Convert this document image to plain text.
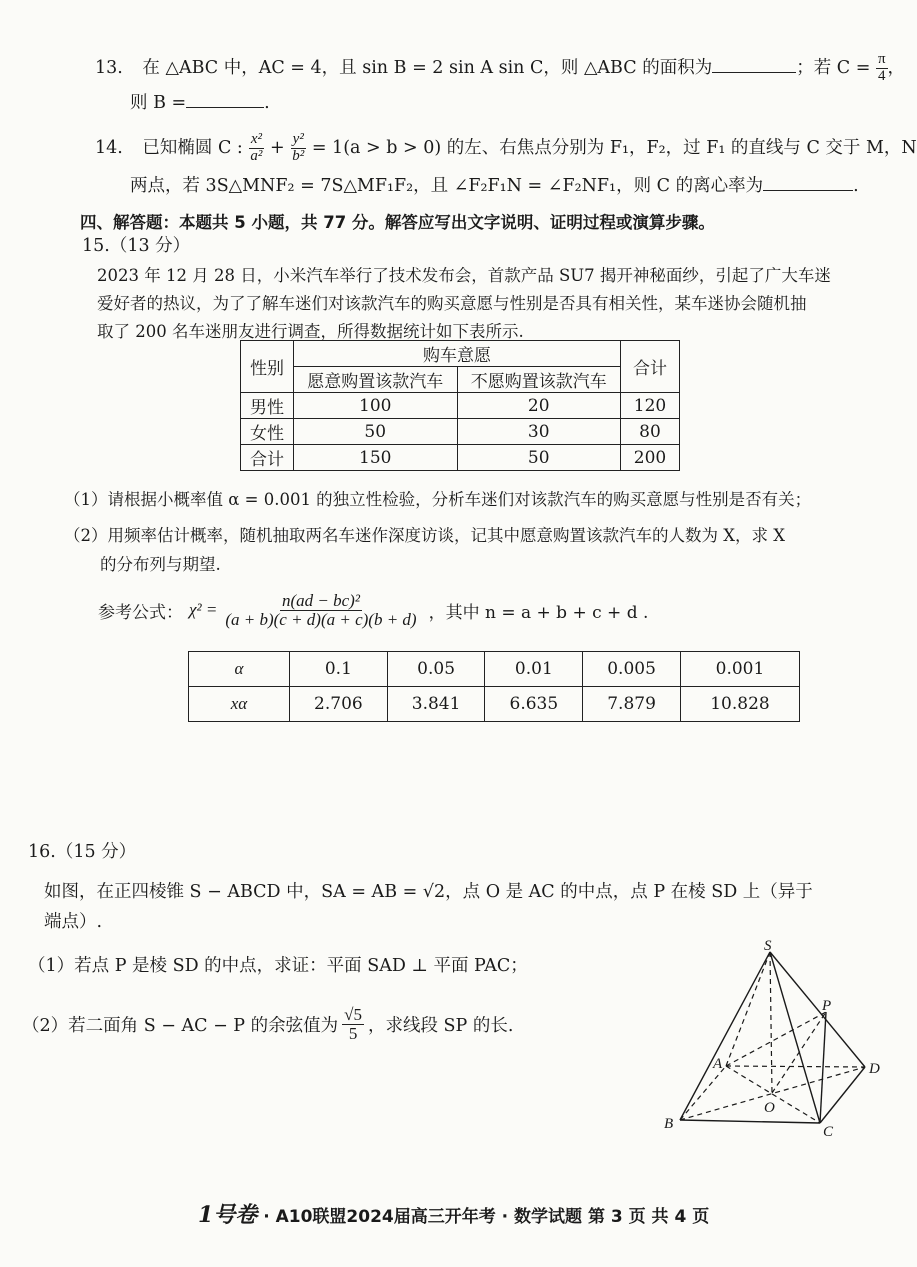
13. 在 △ABC 中，AC = 4，且 sin B = 2 sin A sin C，则 △ABC 的面积为	；若 $C = \frac{\pi}{4}$ ，
则 B =	.
14. 已知椭圆 C : $\frac{\text{x²}}{\text{a²}} + \frac{\text{y²}}{\text{b²}} = 1(a > b > 0)$ 的左、右焦点分别为 F₁，F₂，过 F₁ 的直线与 C 交于 M，N
两点，若 3S△MNF₂ = 7S△MF₁F₂，且 ∠F₂F₁N = ∠F₂NF₁，则 C 的离心率为	.
四、解答题：本题共 5 小题，共 77 分。解答应写出文字说明、证明过程或演算步骤。
15.（13 分）
2023 年 12 月 28 日，小米汽车举行了技术发布会，首款产品 SU7 揭开神秘面纱，引起了广大车迷
爱好者的热议，为了了解车迷们对该款汽车的购买意愿与性别是否具有相关性，某车迷协会随机抽
取了 200 名车迷朋友进行调查，所得数据统计如下表所示.
性别	购车意愿		合计
	愿意购置该款汽车	不愿购置该款汽车	
男性	100	20	120
女性	50	30	80
合计	150	50	200
（1）请根据小概率值 α = 0.001 的独立性检验，分析车迷们对该款汽车的购买意愿与性别是否有关；
（2）用频率估计概率，随机抽取两名车迷作深度访谈，记其中愿意购置该款汽车的人数为 X，求 X
的分布列与期望.
参考公式： $\chi^2 = \frac{\text{n(ad − bc)²}}{(a + b)(c + d)(a + c)(b + d)}$ ，其中 n = a + b + c + d .
α	0.1	0.05	0.01	0.005	0.001
xα	2.706	3.841	6.635	7.879	10.828
16.（15 分）
如图，在正四棱锥 S − ABCD 中，SA = AB = √2，点 O 是 AC 的中点，点 P 在棱 SD 上（异于
端点）.
（1）若点 P 是棱 SD 的中点，求证：平面 SAD ⊥ 平面 PAC；
（2）若二面角 S − AC − P 的余弦值为 $\frac{√5}{5}$ ，求线段 SP 的长.
S
P
A	D
O
B	C
1号卷 · A10联盟2024届高三开年考 · 数学试题 第 3 页 共 4 页
